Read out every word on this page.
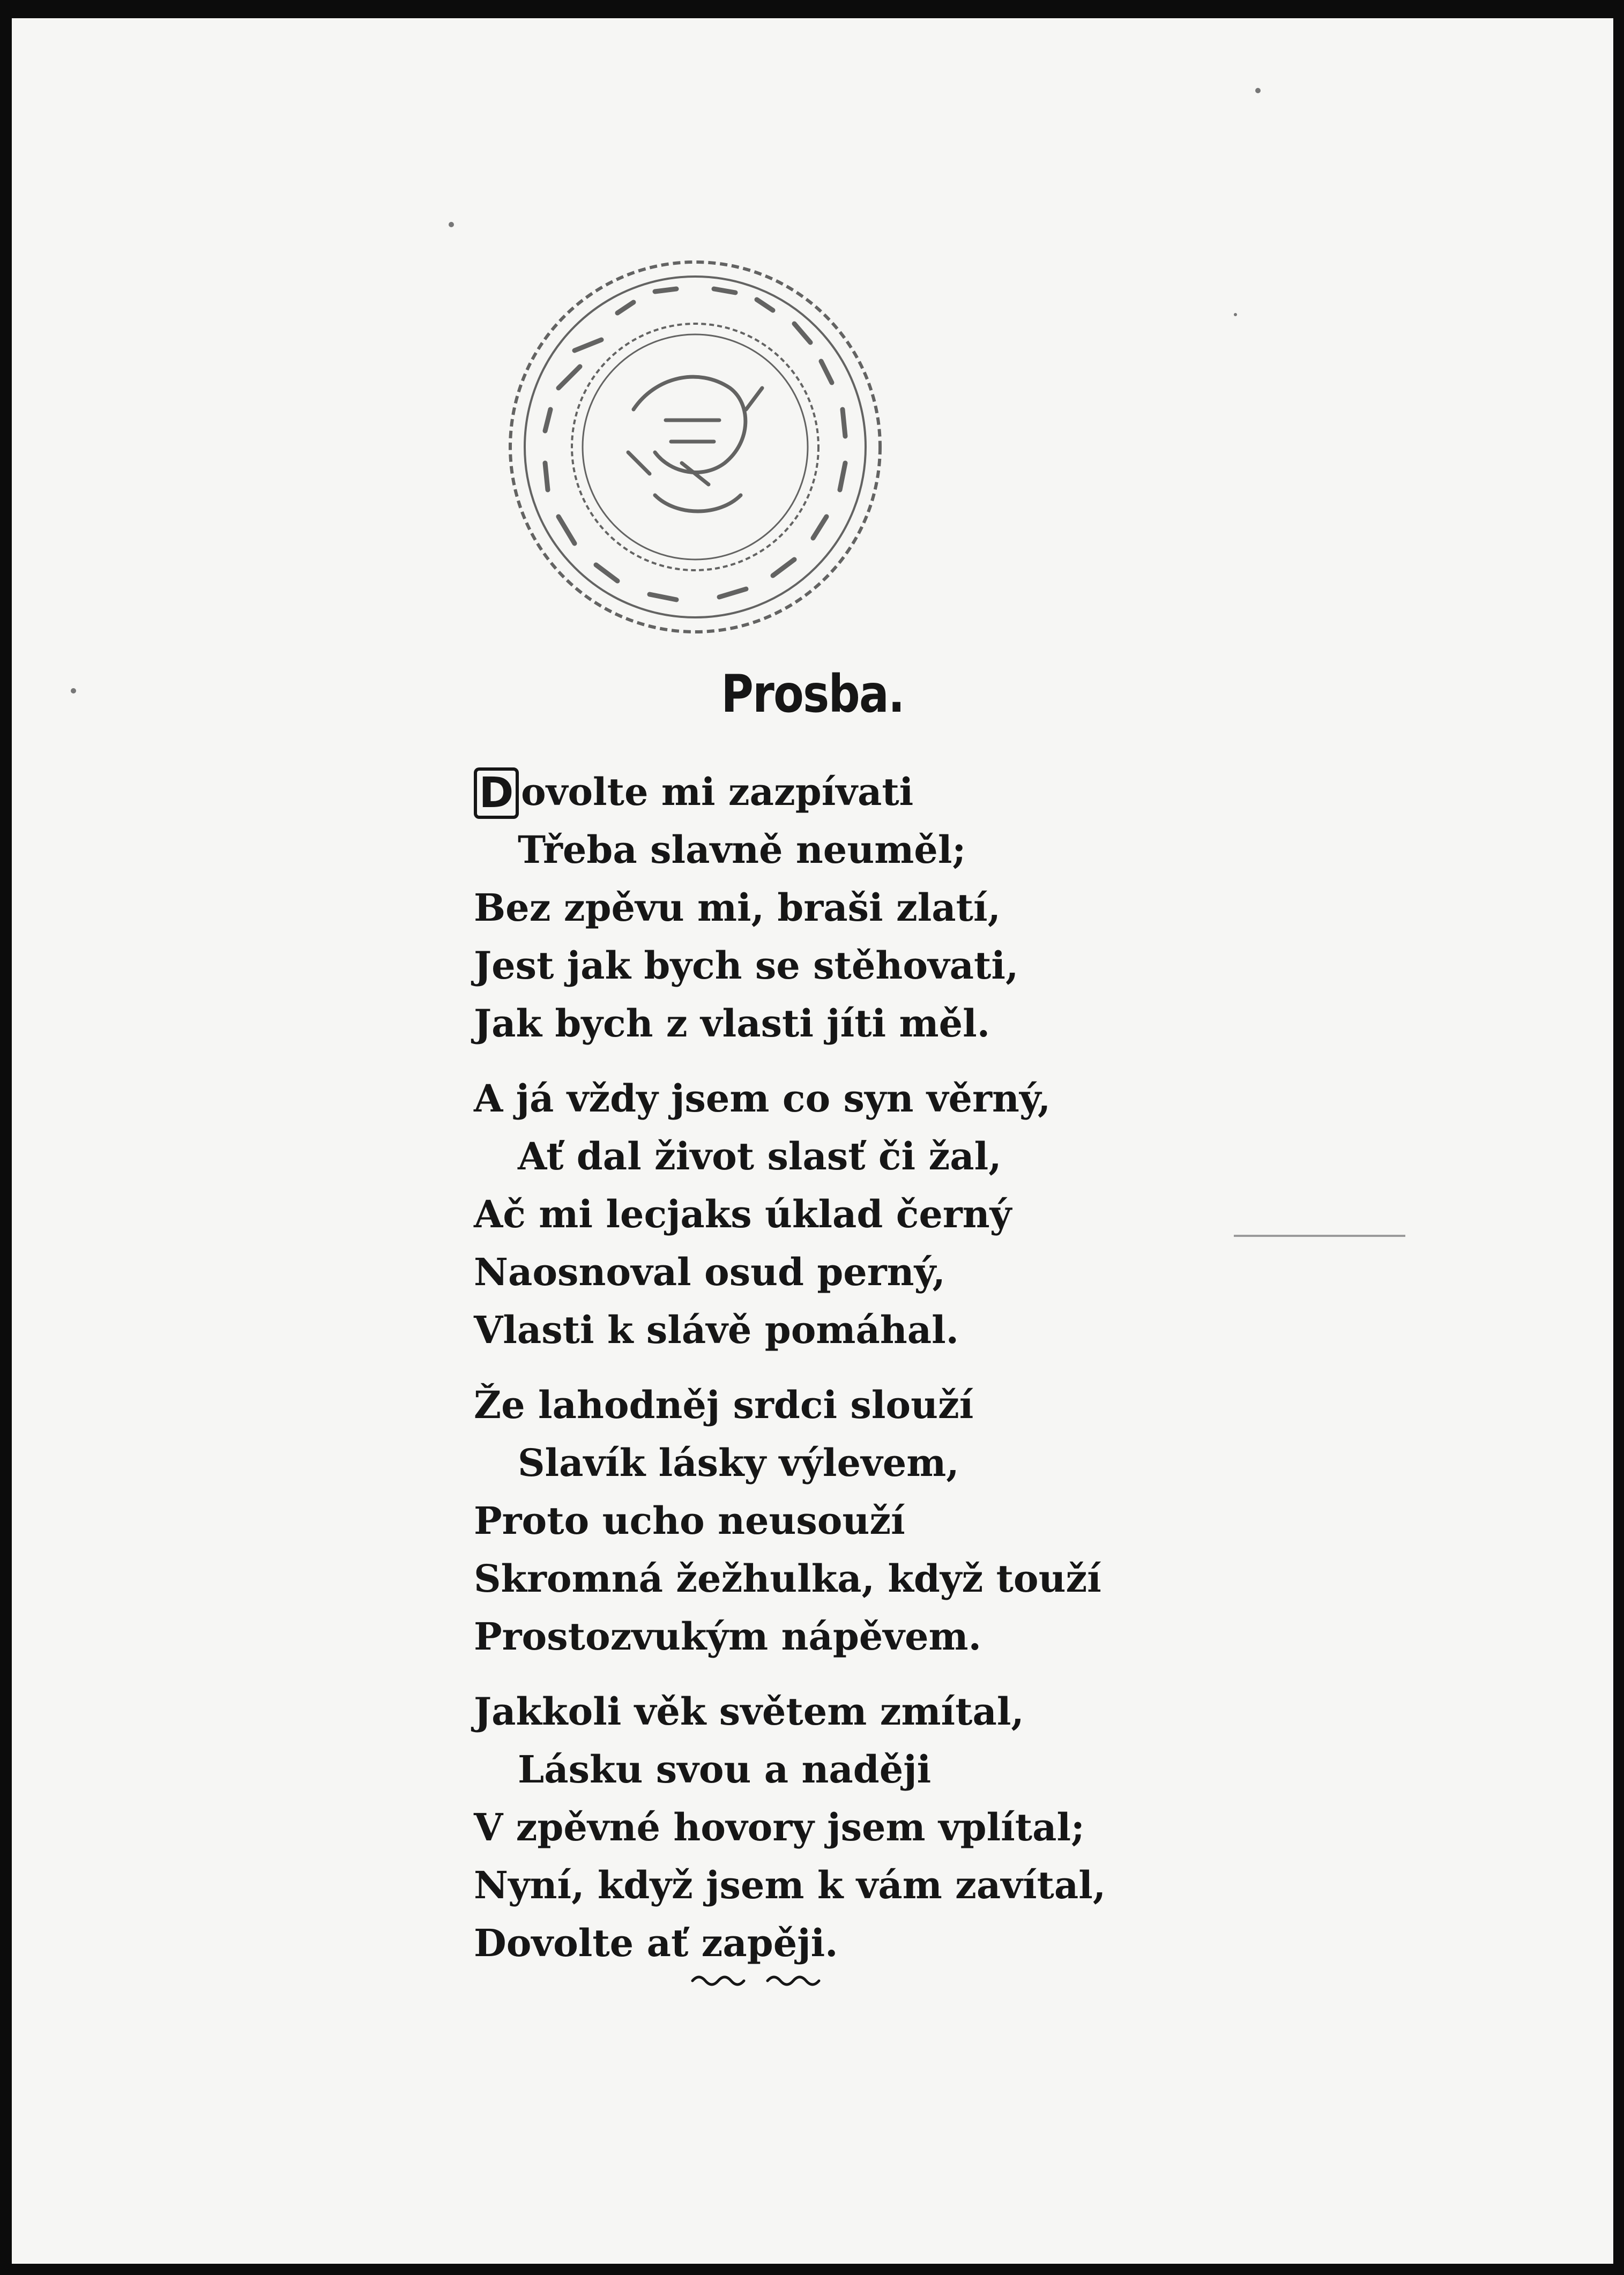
Prosba.
D ovolte mi zazpívati
Třeba slavně neuměl;
Bez zpěvu mi, braši zlatí,
Jest jak bych se stěhovati,
Jak bych z vlasti jíti měl.
A já vždy jsem co syn věrný,
Ať dal život slasť či žal,
Ač mi lecjaks úklad černý
Naosnoval osud perný,
Vlasti k slávě pomáhal.
Že lahodněj srdci slouží
Slavík lásky výlevem,
Proto ucho neusouží
Skromná žežhulka, když touží
Prostozvukým nápěvem.
Jakkoli věk světem zmítal,
Lásku svou a naději
V zpěvné hovory jsem vplítal;
Nyní, když jsem k vám zavítal,
Dovolte ať zapěji.
